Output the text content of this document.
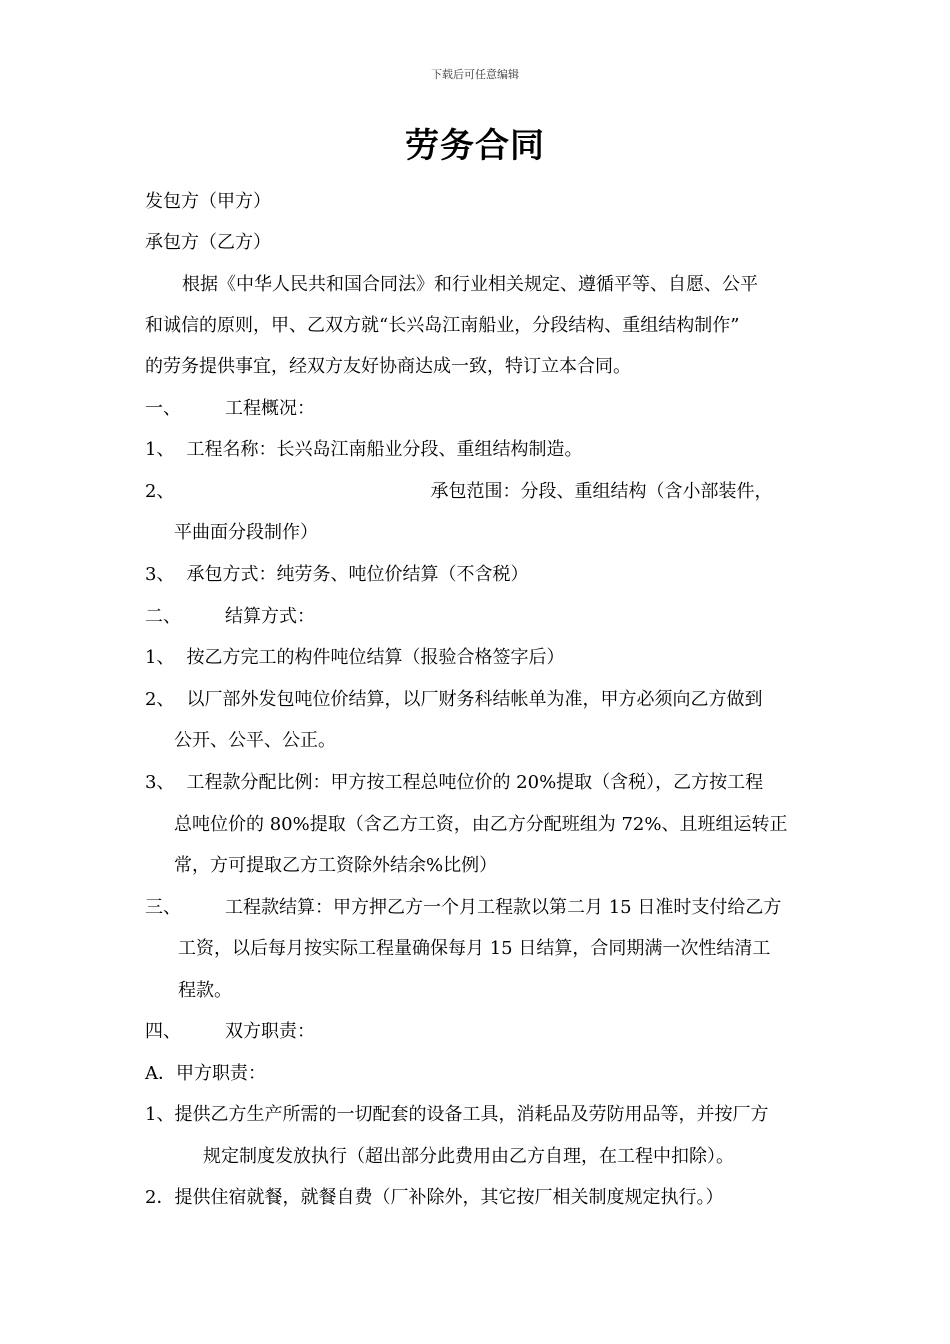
下载后可任意编辑
劳务合同
发包方（甲方）
承包方（乙方）
根据《中华人民共和国合同法》和行业相关规定、遵循平等、自愿、公平
和诚信的原则，甲、乙双方就“长兴岛江南船业，分段结构、重组结构制作”
的劳务提供事宜，经双方友好协商达成一致，特订立本合同。
一、 工程概况：
1、 工程名称：长兴岛江南船业分段、重组结构制造。
2、	承包范围：分段、重组结构（含小部装件，
平曲面分段制作）
3、 承包方式：纯劳务、吨位价结算（不含税）
二、 结算方式：
1、 按乙方完工的构件吨位结算（报验合格签字后）
2、 以厂部外发包吨位价结算，以厂财务科结帐单为准，甲方必须向乙方做到
公开、公平、公正。
3、 工程款分配比例：甲方按工程总吨位价的 20%提取（含税），乙方按工程
总吨位价的 80%提取（含乙方工资，由乙方分配班组为 72%、且班组运转正
常，方可提取乙方工资除外结余%比例）
三、 工程款结算：甲方押乙方一个月工程款以第二月 15 日准时支付给乙方
工资，以后每月按实际工程量确保每月 15 日结算，合同期满一次性结清工
程款。
四、 双方职责：
A．甲方职责：
1、提供乙方生产所需的一切配套的设备工具，消耗品及劳防用品等，并按厂方
规定制度发放执行（超出部分此费用由乙方自理，在工程中扣除）。
2．提供住宿就餐，就餐自费（厂补除外，其它按厂相关制度规定执行。）
